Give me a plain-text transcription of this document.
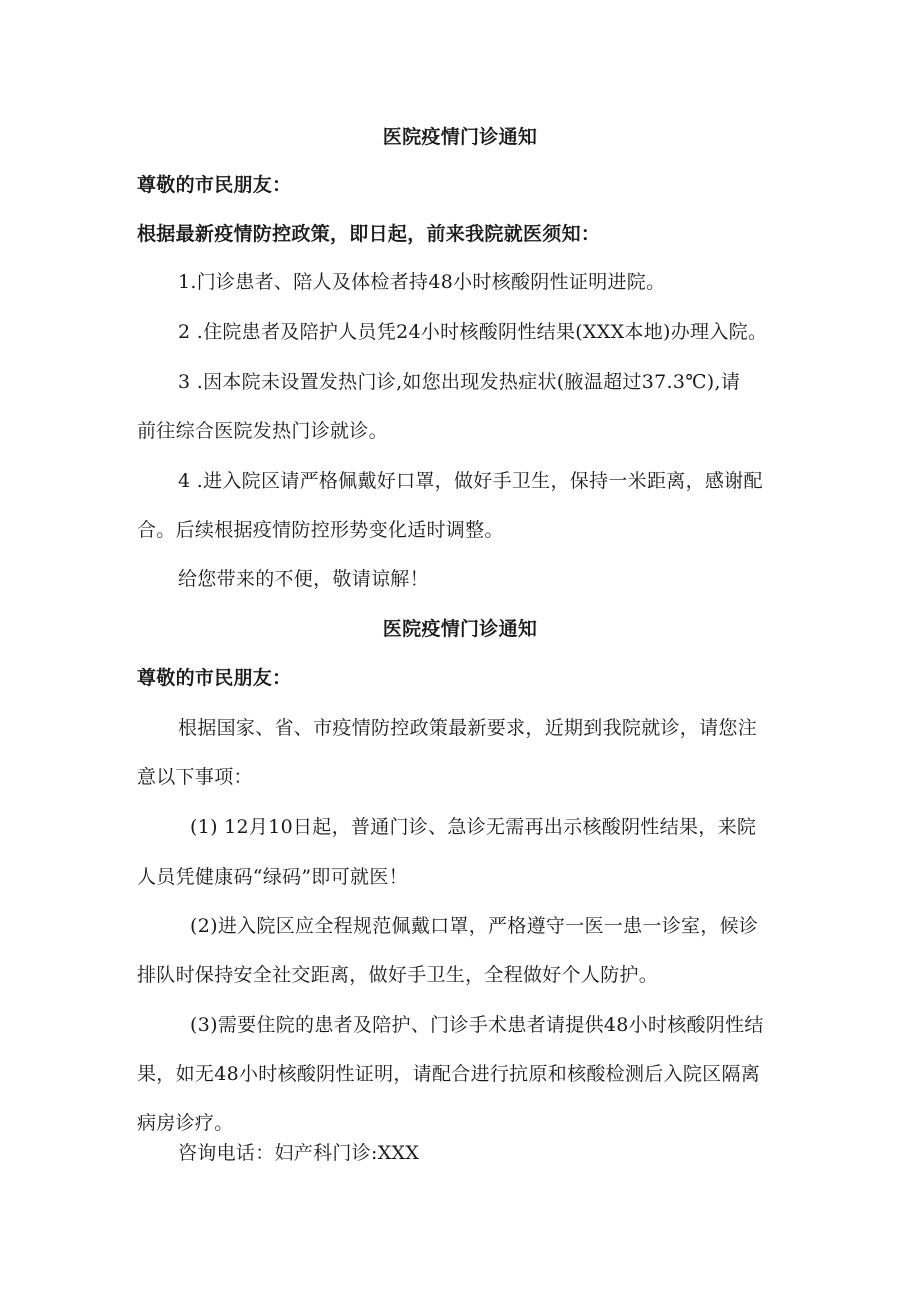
医院疫情门诊通知
尊敬的市民朋友：
根据最新疫情防控政策，即日起，前来我院就医须知：
1.门诊患者、陪人及体检者持48小时核酸阴性证明进院。
2 .住院患者及陪护人员凭24小时核酸阴性结果(XXX本地)办理入院。
3 .因本院未设置发热门诊,如您出现发热症状(腋温超过37.3℃),请
前往综合医院发热门诊就诊。
4 .进入院区请严格佩戴好口罩，做好手卫生，保持一米距离，感谢配
合。后续根据疫情防控形势变化适时调整。
给您带来的不便，敬请谅解！
医院疫情门诊通知
尊敬的市民朋友：
根据国家、省、市疫情防控政策最新要求，近期到我院就诊，请您注
意以下事项：
(1) 12月10日起，普通门诊、急诊无需再出示核酸阴性结果，来院
人员凭健康码“绿码”即可就医！
(2)进入院区应全程规范佩戴口罩，严格遵守一医一患一诊室，候诊
排队时保持安全社交距离，做好手卫生，全程做好个人防护。
(3)需要住院的患者及陪护、门诊手术患者请提供48小时核酸阴性结
果，如无48小时核酸阴性证明，请配合进行抗原和核酸检测后入院区隔离
病房诊疗。
咨询电话：妇产科门诊:XXX
